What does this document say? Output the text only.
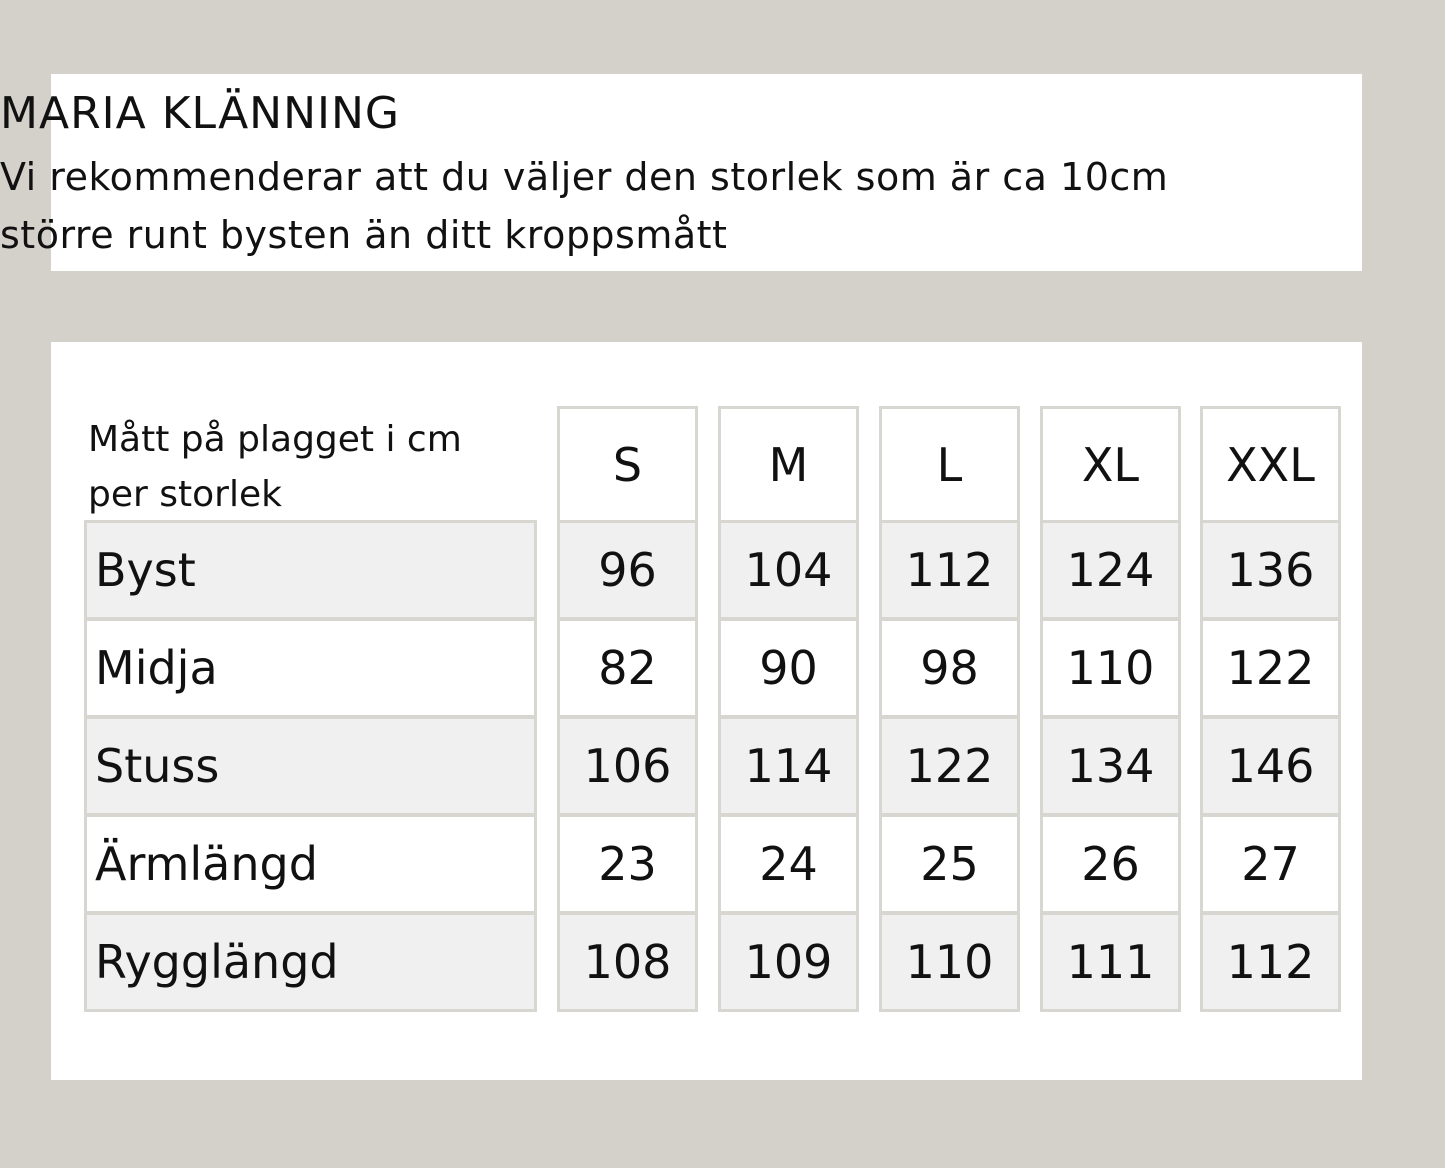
MARIA KLÄNNING
Vi rekommenderar att du väljer den storlek som är ca 10cm
större runt bysten än ditt kroppsmått
Mått på plagget i cm
per storlek
S	M	L	XL	XXL
Byst	96	104	112	124	136
Midja	82	90	98	110	122
Stuss	106	114	122	134	146
Ärmlängd	23	24	25	26	27
Rygglängd	108	109	110	111	112
